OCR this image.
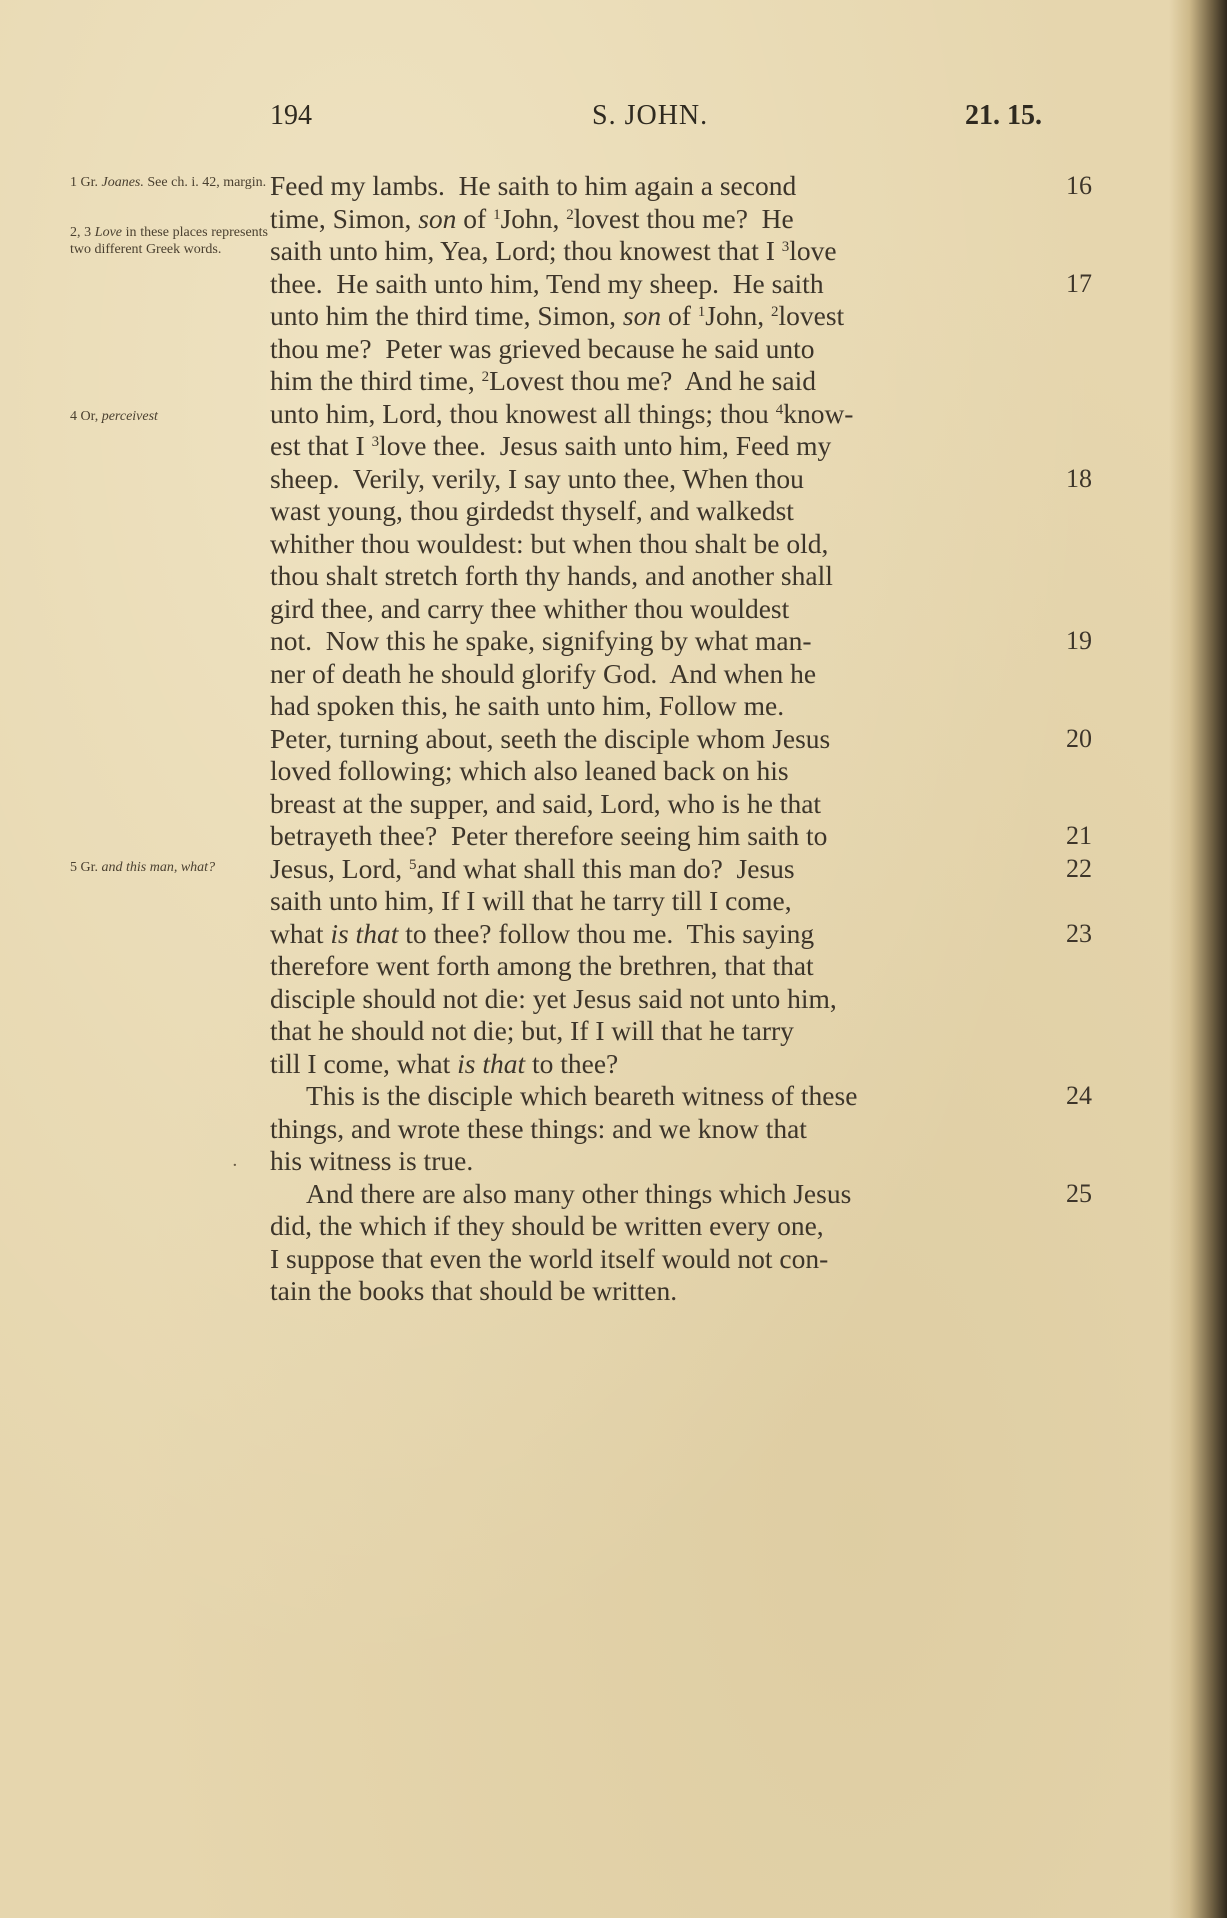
194	S. JOHN.	21. 15.
1 Gr. Joanes. See ch. i. 42, margin.
2, 3 Love in these places represents two different Greek words.
4 Or, perceivest
5 Gr. and this man, what?
Feed my lambs.  He saith to him again a second	16
time, Simon, son of $^1$John, $^2$lovest thou me?  He
saith unto him, Yea, Lord; thou knowest that I $^3$love
thee.  He saith unto him, Tend my sheep.  He saith	17
unto him the third time, Simon, son of $^1$John, $^2$lovest
thou me?  Peter was grieved because he said unto
him the third time, $^2$Lovest thou me?  And he said
unto him, Lord, thou knowest all things; thou $^4$know-
est that I $^3$love thee.  Jesus saith unto him, Feed my
sheep.  Verily, verily, I say unto thee, When thou	18
wast young, thou girdedst thyself, and walkedst
whither thou wouldest: but when thou shalt be old,
thou shalt stretch forth thy hands, and another shall
gird thee, and carry thee whither thou wouldest
not.  Now this he spake, signifying by what man-	19
ner of death he should glorify God.  And when he
had spoken this, he saith unto him, Follow me.
Peter, turning about, seeth the disciple whom Jesus	20
loved following; which also leaned back on his
breast at the supper, and said, Lord, who is he that
betrayeth thee?  Peter therefore seeing him saith to	21
Jesus, Lord, $^5$and what shall this man do?  Jesus	22
saith unto him, If I will that he tarry till I come,
what is that to thee? follow thou me.  This saying	23
therefore went forth among the brethren, that that
disciple should not die: yet Jesus said not unto him,
that he should not die; but, If I will that he tarry
till I come, what is that to thee?
This is the disciple which beareth witness of these	24
things, and wrote these things: and we know that
his witness is true.
And there are also many other things which Jesus	25
did, the which if they should be written every one,
I suppose that even the world itself would not con-
tain the books that should be written.
·
